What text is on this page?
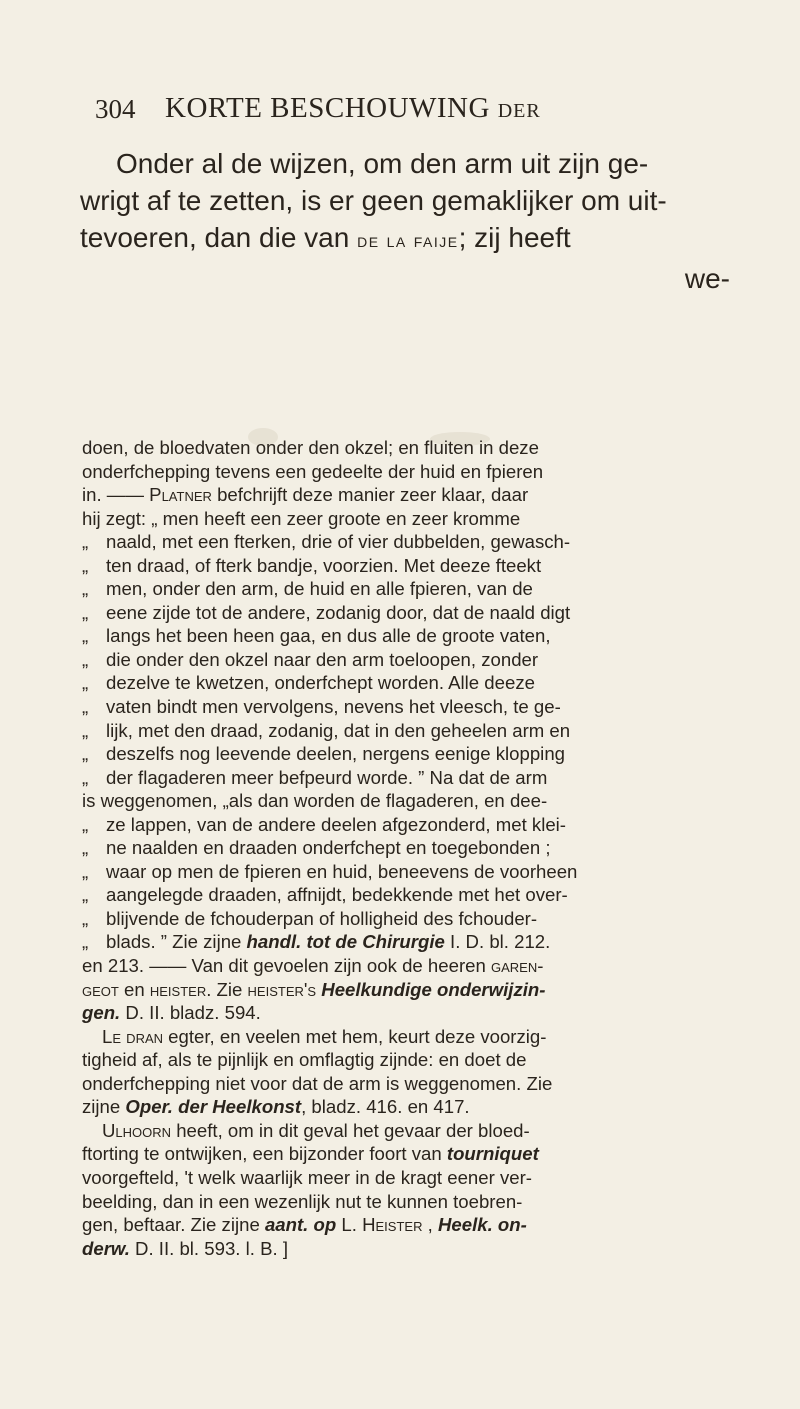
304 KORTE BESCHOUWING DER
Onder al de wijzen, om den arm uit zijn ge-
wrigt af te zetten, is er geen gemaklijker om uit-
tevoeren, dan die van de la faije; zij heeft
we-
doen, de bloedvaten onder den okzel; en fluiten in deze
onderfchepping tevens een gedeelte der huid en fpieren
in. —— Platner befchrijft deze manier zeer klaar, daar
hij zegt: „ men heeft een zeer groote en zeer kromme
„ naald, met een fterken, drie of vier dubbelden, gewasch-
„ ten draad, of fterk bandje, voorzien. Met deeze fteekt
„ men, onder den arm, de huid en alle fpieren, van de
„ eene zijde tot de andere, zodanig door, dat de naald digt
„ langs het been heen gaa, en dus alle de groote vaten,
„ die onder den okzel naar den arm toeloopen, zonder
„ dezelve te kwetzen, onderfchept worden. Alle deeze
„ vaten bindt men vervolgens, nevens het vleesch, te ge-
„ lijk, met den draad, zodanig, dat in den geheelen arm en
„ deszelfs nog leevende deelen, nergens eenige klopping
„ der flagaderen meer befpeurd worde. ” Na dat de arm
is weggenomen, „als dan worden de flagaderen, en dee-
„ ze lappen, van de andere deelen afgezonderd, met klei-
„ ne naalden en draaden onderfchept en toegebonden ;
„ waar op men de fpieren en huid, beneevens de voorheen
„ aangelegde draaden, affnijdt, bedekkende met het over-
„ blijvende de fchouderpan of holligheid des fchouder-
„ blads. ” Zie zijne handl. tot de Chirurgie I. D. bl. 212.
en 213. —— Van dit gevoelen zijn ook de heeren garen-
geot en heister. Zie heister's Heelkundige onderwijzin-
gen. D. II. bladz. 594.
Le dran egter, en veelen met hem, keurt deze voorzig-
tigheid af, als te pijnlijk en omflagtig zijnde: en doet de
onderfchepping niet voor dat de arm is weggenomen. Zie
zijne Oper. der Heelkonst, bladz. 416. en 417.
Ulhoorn heeft, om in dit geval het gevaar der bloed-
ftorting te ontwijken, een bijzonder foort van tourniquet
voorgefteld, 't welk waarlijk meer in de kragt eener ver-
beelding, dan in een wezenlijk nut te kunnen toebren-
gen, beftaar. Zie zijne aant. op L. Heister , Heelk. on-
derw. D. II. bl. 593. l. B. ]
